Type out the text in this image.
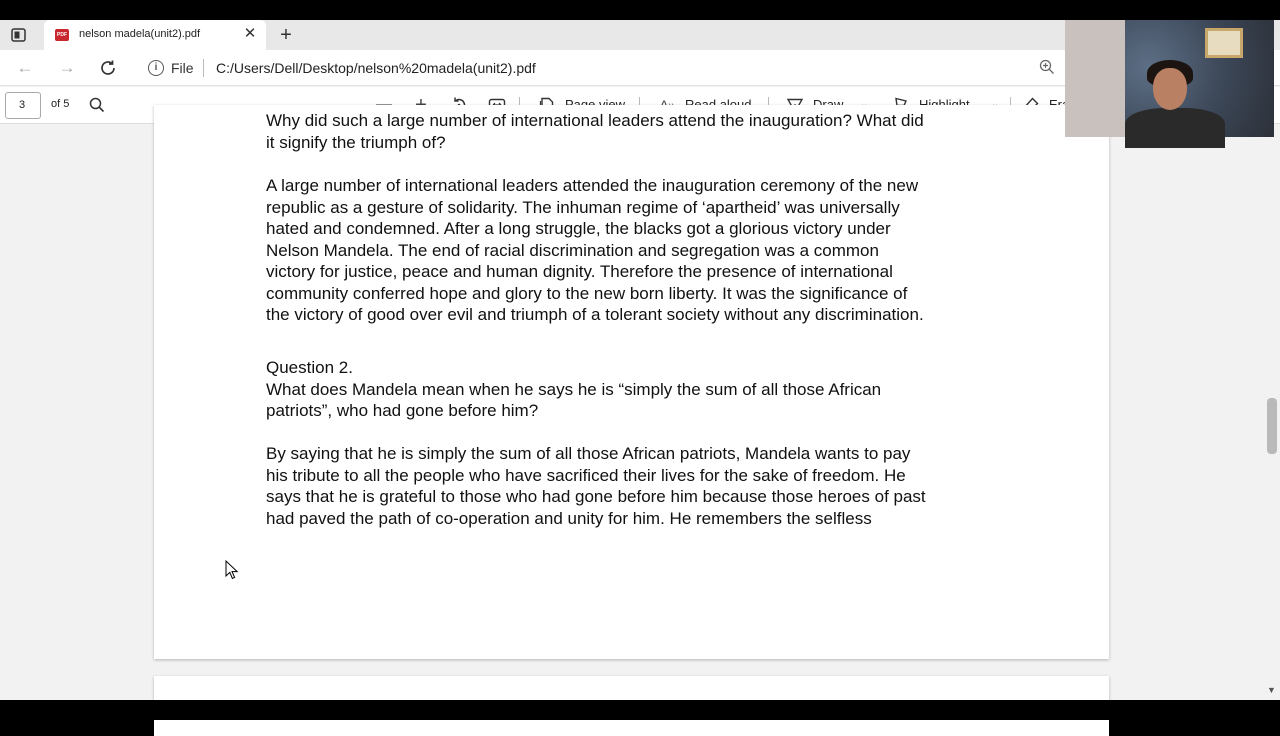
PDF nelson madela(unit2).pdf	✕ +
← →	i File C:/Users/Dell/Desktop/nelson%20madela(unit2).pdf
3	of 5
Why did such a large number of international leaders attend the inauguration? What did
it signify the triumph of?
A large number of international leaders attended the inauguration ceremony of the new
republic as a gesture of solidarity. The inhuman regime of ‘apartheid’ was universally
hated and condemned. After a long struggle, the blacks got a glorious victory under
Nelson Mandela. The end of racial discrimination and segregation was a common
victory for justice, peace and human dignity. Therefore the presence of international
community conferred hope and glory to the new born liberty. It was the significance of
the victory of good over evil and triumph of a tolerant society without any discrimination.
Question 2.
What does Mandela mean when he says he is “simply the sum of all those African
patriots”, who had gone before him?
By saying that he is simply the sum of all those African patriots, Mandela wants to pay
his tribute to all the people who have sacrificed their lives for the sake of freedom. He
says that he is grateful to those who had gone before him because those heroes of past
had paved the path of co-operation and unity for him. He remembers the selfless
▼
